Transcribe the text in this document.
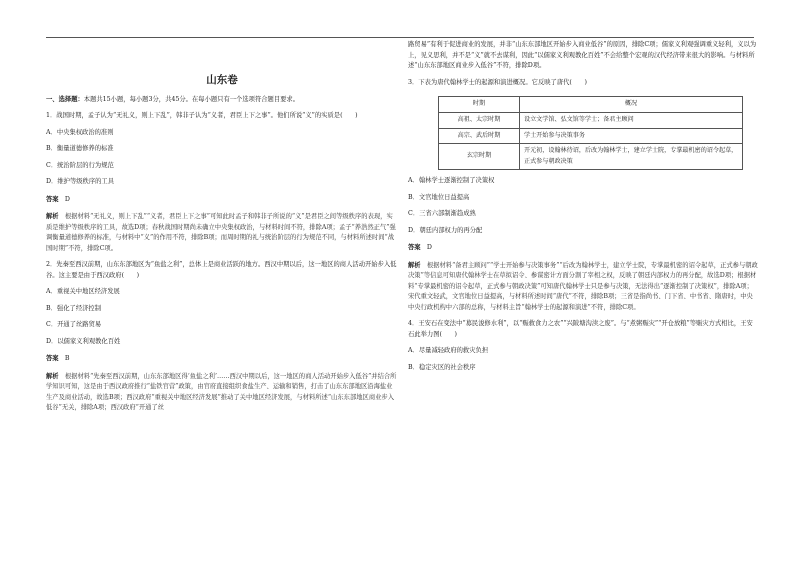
山东卷

一、选择题：本题共15小题，每小题3分，共45分。在每小题只有一个选项符合题目要求。

1．战国时期，孟子认为“无礼义，则上下乱”，韩非子认为“义者，君臣上下之事”。他们所说“义”的实质是(　　)

A．中央集权政治的准则

B．衡量道德修养的标准

C．统治阶层的行为规范

D．维护等级秩序的工具

答案　 D

解析　 根据材料“无礼义，则上下乱”“义者，君臣上下之事”可知此时孟子和韩非子所说的“义”是君臣之间等级秩序的表现，实质是维护等级秩序的工具，故选D项；春秋战国时期尚未确立中央集权政治，与材料时间不符，排除A项；孟子“养浩然正气”强调衡量道德修养的标准，与材料中“义”的作用不符，排除B项；而周时期的礼与统治阶层的行为规范不同，与材料所述时间“战国时期”不符，排除C项。

2．先秦至西汉前期，山东东部地区为“鱼盐之利”，总体上是商业活跃的地方。西汉中期以后，这一地区的商人活动开始步入低谷。这主要是由于西汉政府(　　)

A．重视关中地区经济发展

B．强化了经济控制

C．开通了丝路贸易

D．以儒家义利观教化百姓

答案　 B

解析　 根据材料“先秦至西汉前期，山东东部地区得‘鱼盐之利’……西汉中期以后，这一地区的商人活动开始步入低谷”并结合所学知识可知，这是由于西汉政府推行“盐铁官营”政策，由官府直接组织食盐生产、运输和销售，打击了山东东部地区沿海盐业生产及商业活动，故选B项；西汉政府“重视关中地区经济发展”推动了关中地区经济发展，与材料所述“山东东部地区商业步入低谷”无关，排除A项；西汉政府“开通了丝

路贸易”有利于促进商业的发展，并非“山东东部地区开始步入商业低谷”的原因，排除C项；儒家义利观强调重义轻利，义以为上，见义思利，并不是“义”就不去谋利，因此“以儒家义利观教化百姓”不会给整个宏观的汉代经济带来很大的影响。与材料所述“山东东部地区商业步入低谷”不符，排除D项。

3．下表为唐代翰林学士的起源和演进概况。它反映了唐代(　　)

时期	概况
高祖、太宗时期	设立文学馆、弘文馆等学士；备君主顾问
高宗、武后时期	学士开始参与决策事务
玄宗时期	开元初，设翰林待诏，后改为翰林学士，建立学士院，专掌最机密的诏令起草，正式参与朝政决策

A．翰林学士逐渐控制了决策权

B．文官地位日益提高

C．三省六部制渐趋成熟

D．朝廷内部权力的再分配

答案　 D

解析　 根据材料“备君主顾问”“学士开始参与决策事务”“后改为翰林学士，建立学士院，专掌最机密的诏令起草，正式参与朝政决策”等信息可知唐代翰林学士在草拟诏令、参谋密计方面分割了宰相之权，反映了朝廷内部权力的再分配，故选D项；根据材料“专掌最机密的诏令起草，正式参与朝政决策”可知唐代翰林学士只是参与决策，无法得出“逐渐控制了决策权”，排除A项；宋代重文轻武，文官地位日益提高，与材料所述时间“唐代”不符，排除B项；三省是指尚书、门下省、中书省、隋唐时，中央中央行政机构中六部的总称，与材料主旨“翰林学士的起源和演进”不符，排除C项。

4．王安石在变法中“募民浚修水利”，以“赈救食力之农”“兴陂塘沟渎之废”。与“煮粥赈灾”“开仓放粮”等赈灾方式相比，王安石此举力图(　　)

A．尽量减轻政府的救灾负担

B．稳定灾区的社会秩序
